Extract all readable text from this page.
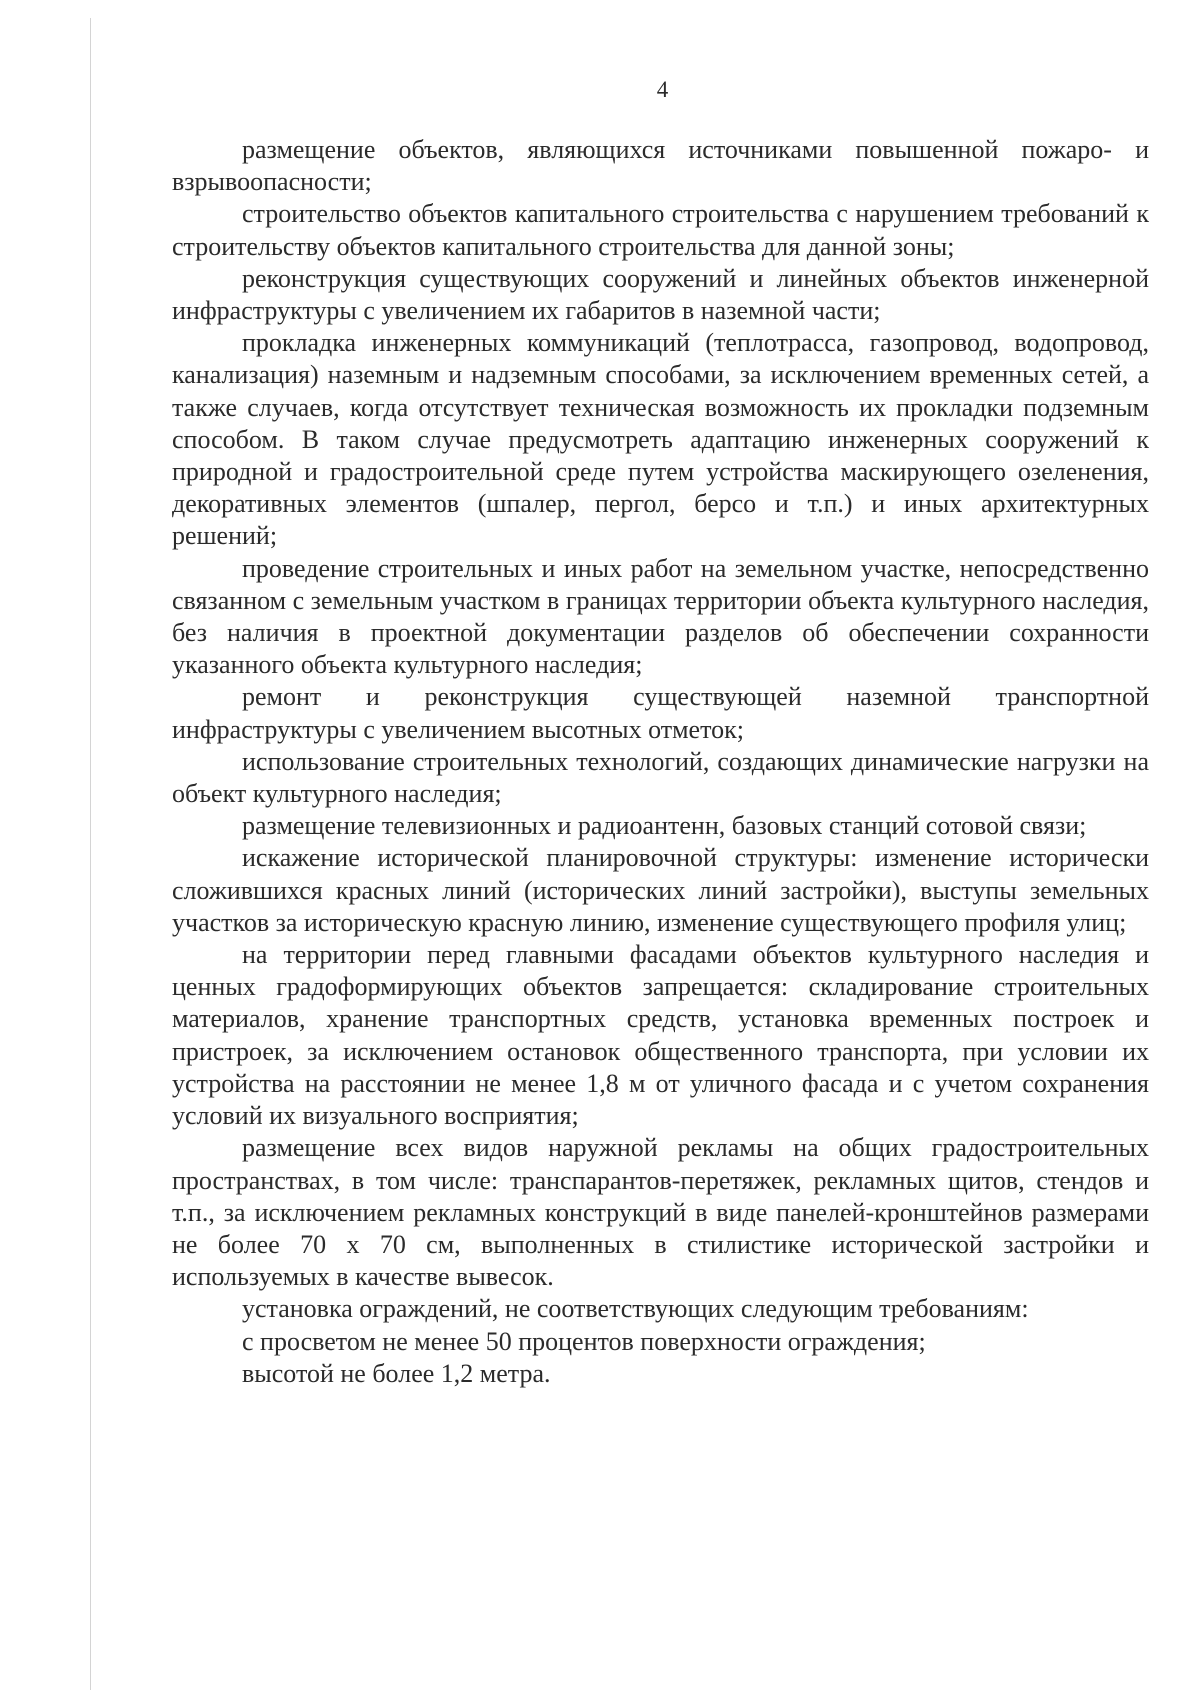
4

размещение объектов, являющихся источниками повышенной пожаро- и взрывоопасности;

строительство объектов капитального строительства с нарушением требований к строительству объектов капитального строительства для данной зоны;

реконструкция существующих сооружений и линейных объектов инженерной инфраструктуры с увеличением их габаритов в наземной части;

прокладка инженерных коммуникаций (теплотрасса, газопровод, водопровод, канализация) наземным и надземным способами, за исключением временных сетей, а также случаев, когда отсутствует техническая возможность их прокладки подземным способом. В таком случае предусмотреть адаптацию инженерных сооружений к природной и градостроительной среде путем устройства маскирующего озеленения, декоративных элементов (шпалер, пергол, берсо и т.п.) и иных архитектурных решений;

проведение строительных и иных работ на земельном участке, непосредственно связанном с земельным участком в границах территории объекта культурного наследия, без наличия в проектной документации разделов об обеспечении сохранности указанного объекта культурного наследия;

ремонт и реконструкция существующей наземной транспортной инфраструктуры с увеличением высотных отметок;

использование строительных технологий, создающих динамические нагрузки на объект культурного наследия;

размещение телевизионных и радиоантенн, базовых станций сотовой связи;

искажение исторической планировочной структуры: изменение исторически сложившихся красных линий (исторических линий застройки), выступы земельных участков за историческую красную линию, изменение существующего профиля улиц;

на территории перед главными фасадами объектов культурного наследия и ценных градоформирующих объектов запрещается: складирование строительных материалов, хранение транспортных средств, установка временных построек и пристроек, за исключением остановок общественного транспорта, при условии их устройства на расстоянии не менее 1,8 м от уличного фасада и с учетом сохранения условий их визуального восприятия;

размещение всех видов наружной рекламы на общих градостроительных пространствах, в том числе: транспарантов-перетяжек, рекламных щитов, стендов и т.п., за исключением рекламных конструкций в виде панелей-кронштейнов размерами не более 70 х 70 см, выполненных в стилистике исторической застройки и используемых в качестве вывесок.

установка ограждений, не соответствующих следующим требованиям:

с просветом не менее 50 процентов поверхности ограждения;

высотой не более 1,2 метра.
